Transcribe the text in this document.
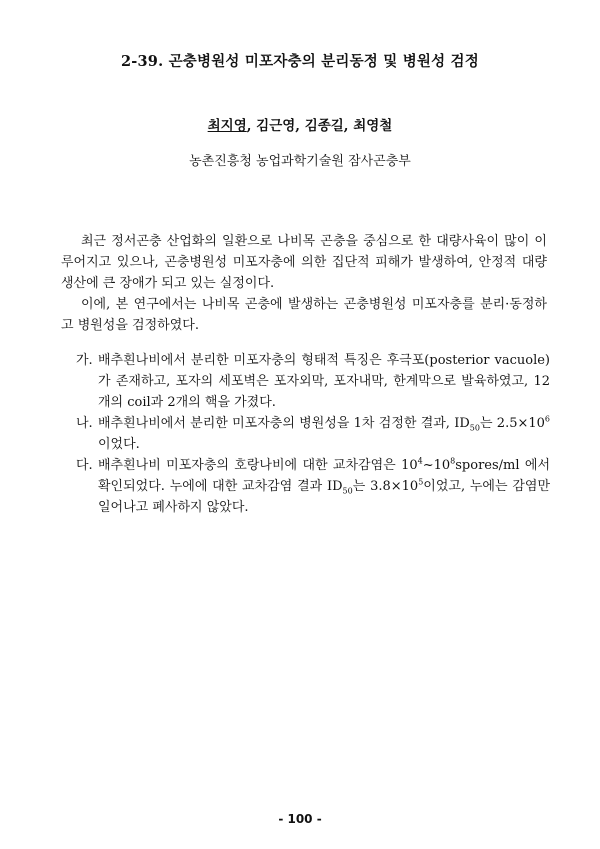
2-39. 곤충병원성 미포자충의 분리동정 및 병원성 검정
최지영, 김근영, 김종길, 최영철
농촌진흥청 농업과학기술원 잠사곤충부

최근 정서곤충 산업화의 일환으로 나비목 곤충을 중심으로 한 대량사육이 많이 이루어지고 있으나, 곤충병원성 미포자충에 의한 집단적 피해가 발생하여, 안정적 대량 생산에 큰 장애가 되고 있는 실정이다.

이에, 본 연구에서는 나비목 곤충에 발생하는 곤충병원성 미포자충를 분리·동정하고 병원성을 검정하였다.

가. 배추흰나비에서 분리한 미포자충의 형태적 특징은 후극포(posterior vacuole)가 존재하고, 포자의 세포벽은 포자외막, 포자내막, 한계막으로 발육하였고, 12개의 coil과 2개의 핵을 가졌다.

나. 배추흰나비에서 분리한 미포자충의 병원성을 1차 검정한 결과, $ID_{50}$는 $2.5\times 10^6$이었다.

다. 배추흰나비 미포자충의 호랑나비에 대한 교차감염은 $10^4\sim 10^8spores/ml$ 에서 확인되었다. 누에에 대한 교차감염 결과 $ID_{50}$는 $3.8\times 10^5$이었고, 누에는 감염만 일어나고 폐사하지 않았다.

- 100 -
